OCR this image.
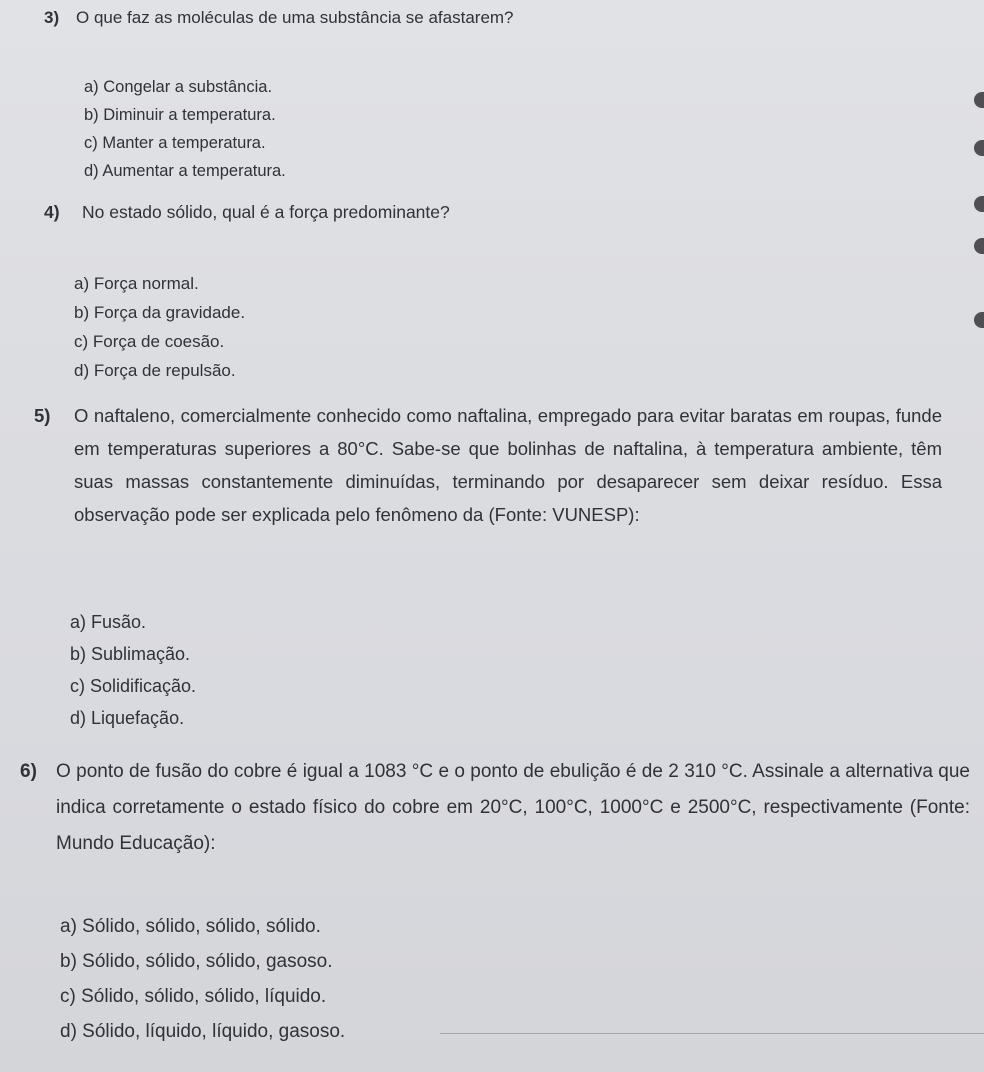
3) O que faz as moléculas de uma substância se afastarem?
a) Congelar a substância.
b) Diminuir a temperatura.
c) Manter a temperatura.
d) Aumentar a temperatura.
4)	No estado sólido, qual é a força predominante?
a) Força normal.
b) Força da gravidade.
c) Força de coesão.
d) Força de repulsão.
5)	O naftaleno, comercialmente conhecido como naftalina, empregado para evitar baratas em roupas, funde em temperaturas superiores a 80°C. Sabe-se que bolinhas de naftalina, à temperatura ambiente, têm suas massas constantemente diminuídas, terminando por desaparecer sem deixar resíduo. Essa observação pode ser explicada pelo fenômeno da (Fonte: VUNESP):
a) Fusão.
b) Sublimação.
c) Solidificação.
d) Liquefação.
6)	O ponto de fusão do cobre é igual a 1083 °C e o ponto de ebulição é de 2 310 °C. Assinale a alternativa que indica corretamente o estado físico do cobre em 20°C, 100°C, 1000°C e 2500°C, respectivamente (Fonte: Mundo Educação):
a) Sólido, sólido, sólido, sólido.
b) Sólido, sólido, sólido, gasoso.
c) Sólido, sólido, sólido, líquido.
d) Sólido, líquido, líquido, gasoso.
